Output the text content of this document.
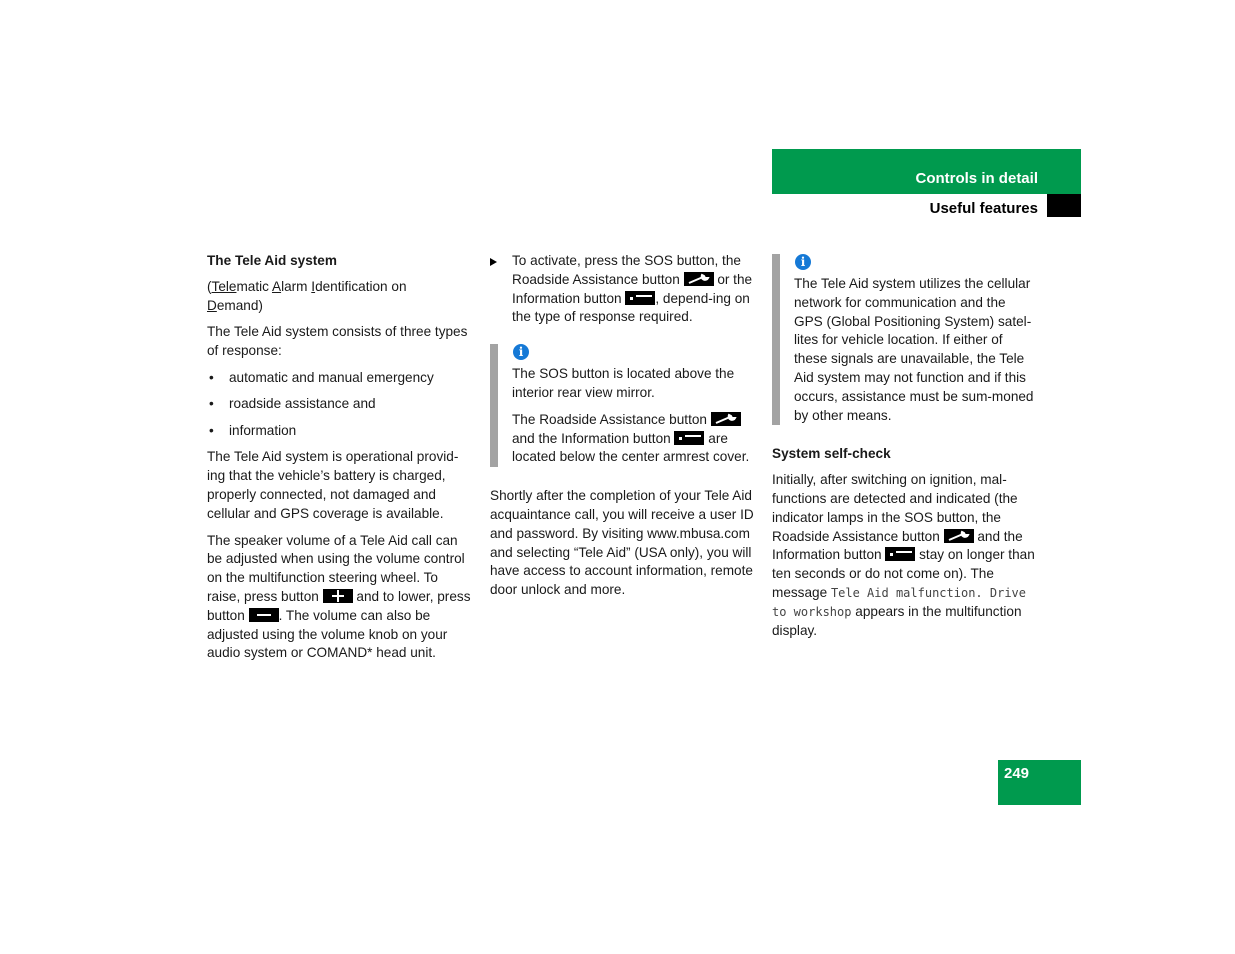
Controls in detail
Useful features
The Tele Aid system

(Telematic Alarm Identification on
Demand)

The Tele Aid system consists of three types of response:

• automatic and manual emergency
• roadside assistance and
• information

The Tele Aid system is operational provid-ing that the vehicle’s battery is charged, properly connected, not damaged and cellular and GPS coverage is available.

The speaker volume of a Tele Aid call can be adjusted when using the volume control on the multifunction steering wheel. To raise, press button  and to lower, press button . The volume can also be adjusted using the volume knob on your audio system or COMAND* head unit.

To activate, press the SOS button, the Roadside Assistance button
or the Information button , depend-ing on the type of response required.
i

The SOS button is located above the interior rear view mirror.

The Roadside Assistance button
and the Information button  are located below the center armrest cover.

Shortly after the completion of your Tele Aid acquaintance call, you will receive a user ID and password. By visiting www.mbusa.com and selecting “Tele Aid” (USA only), you will have access to account information, remote door unlock and more.

i

The Tele Aid system utilizes the cellular network for communication and the GPS (Global Positioning System) satel-lites for vehicle location. If either of these signals are unavailable, the Tele Aid system may not function and if this occurs, assistance must be sum-moned by other means.

System self-check

Initially, after switching on ignition, mal-functions are detected and indicated (the indicator lamps in the SOS button, the Roadside Assistance button
and the Information button  stay on longer than ten seconds or do not come on). The message Tele Aid malfunction. Drive to workshop appears in the multifunction display.

249
